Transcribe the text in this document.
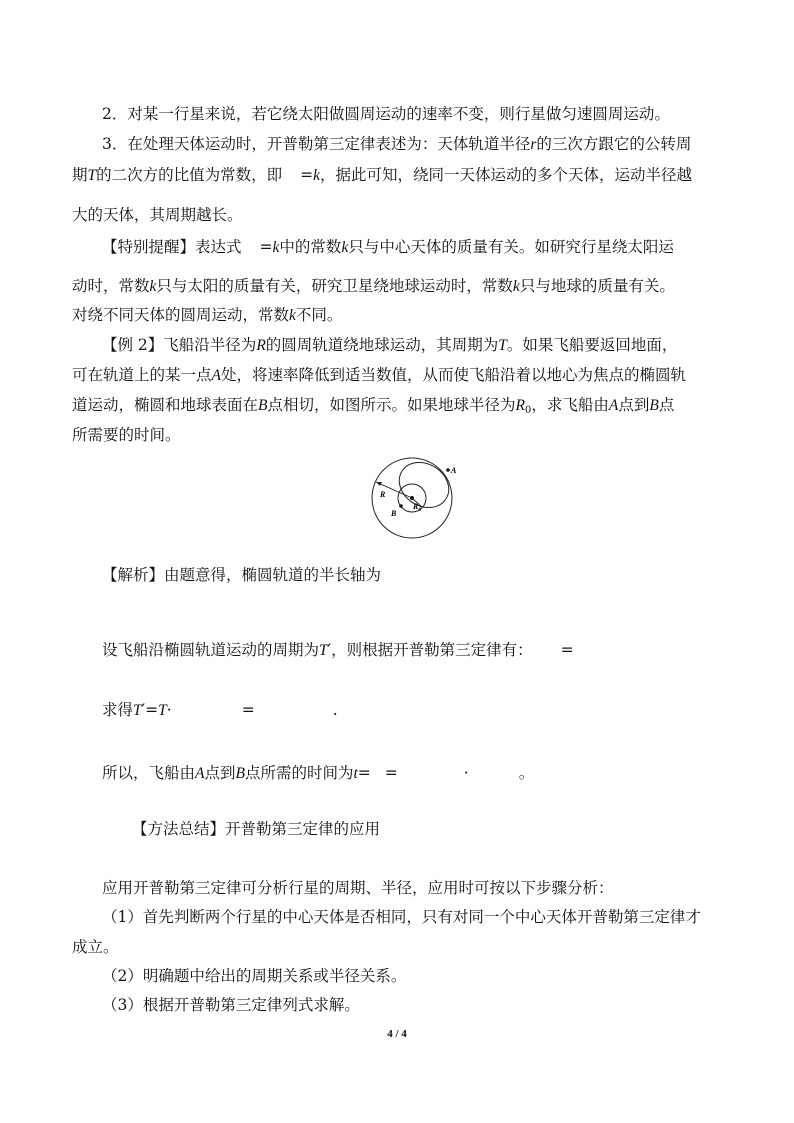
2．对某一行星来说，若它绕太阳做圆周运动的速率不变，则行星做匀速圆周运动。
3．在处理天体运动时，开普勒第三定律表述为：天体轨道半径r的三次方跟它的公转周
期T的二次方的比值为常数，即 =k，据此可知，绕同一天体运动的多个天体，运动半径越
大的天体，其周期越长。
【特别提醒】表达式 =k中的常数k只与中心天体的质量有关。如研究行星绕太阳运
动时，常数k只与太阳的质量有关，研究卫星绕地球运动时，常数k只与地球的质量有关。
对绕不同天体的圆周运动，常数k不同。
【例 2】飞船沿半径为R的圆周轨道绕地球运动，其周期为T。如果飞船要返回地面，
可在轨道上的某一点A处，将速率降低到适当数值，从而使飞船沿着以地心为焦点的椭圆轨
道运动，椭圆和地球表面在B点相切，如图所示。如果地球半径为$R_0$，求飞船由A点到B点
所需要的时间。
A
R
B
$R_0$
【解析】由题意得，椭圆轨道的半长轴为
设飞船沿椭圆轨道运动的周期为T′，则根据开普勒第三定律有： =
求得T′=T·	=	.
所以，飞船由A点到B点所需的时间为t= =	·	。
【方法总结】开普勒第三定律的应用
应用开普勒第三定律可分析行星的周期、半径，应用时可按以下步骤分析：
（1）首先判断两个行星的中心天体是否相同，只有对同一个中心天体开普勒第三定律才
成立。
（2）明确题中给出的周期关系或半径关系。
（3）根据开普勒第三定律列式求解。
4 / 4
